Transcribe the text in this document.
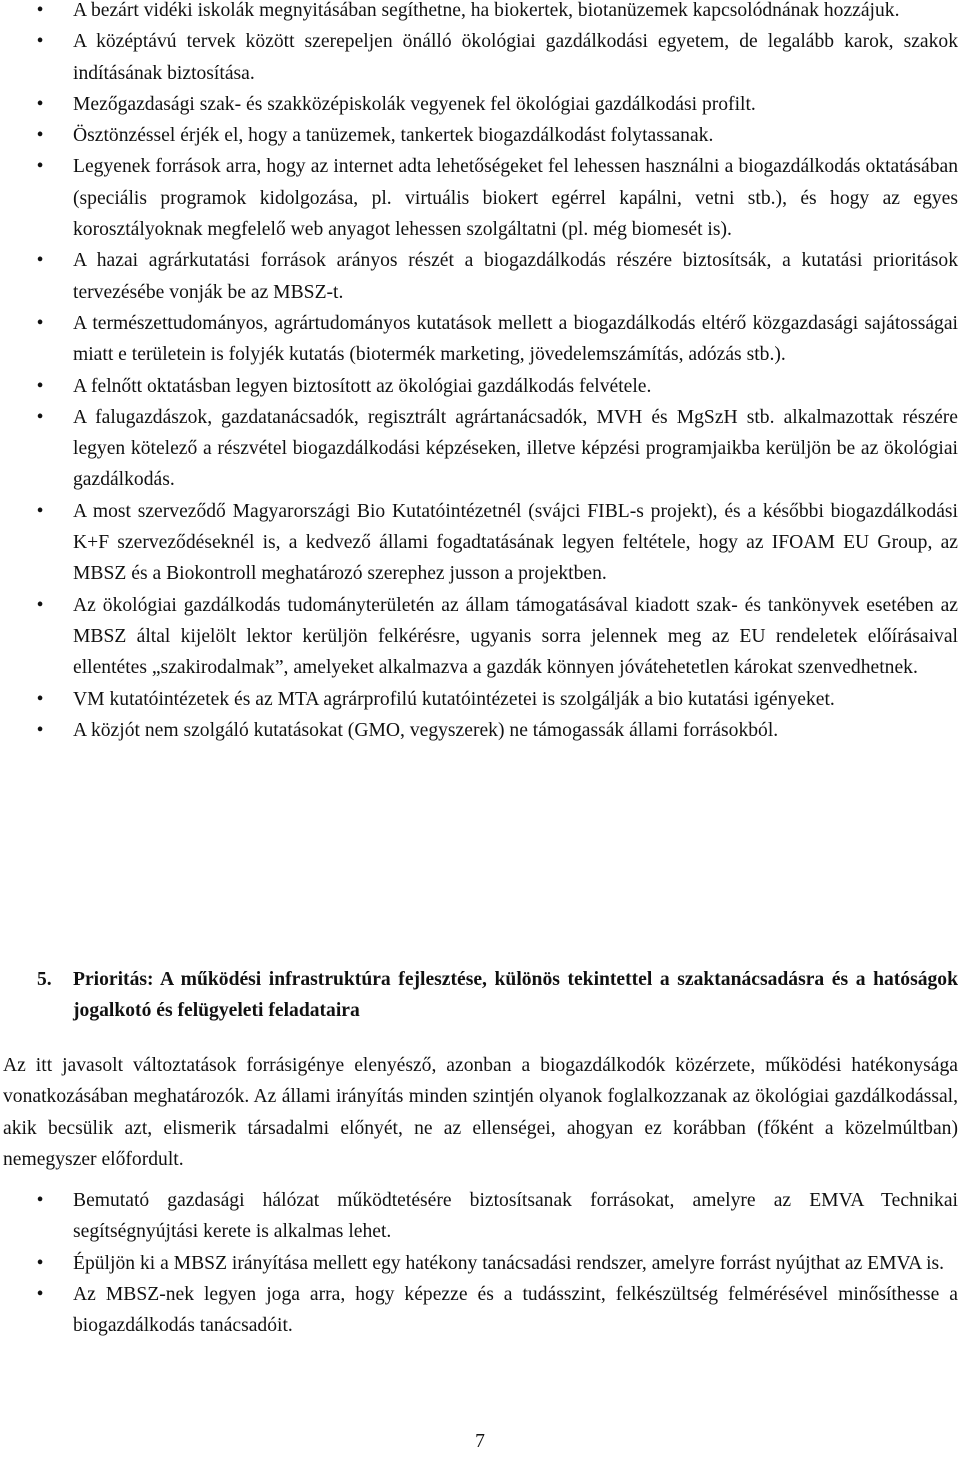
• A bezárt vidéki iskolák megnyitásában segíthetne, ha biokertek, biotanüzemek kapcsolódnának hozzájuk.
• A középtávú tervek között szerepeljen önálló ökológiai gazdálkodási egyetem, de legalább karok, szakok indításának biztosítása.
• Mezőgazdasági szak- és szakközépiskolák vegyenek fel ökológiai gazdálkodási profilt.
• Ösztönzéssel érjék el, hogy a tanüzemek, tankertek biogazdálkodást folytassanak.
• Legyenek források arra, hogy az internet adta lehetőségeket fel lehessen használni a biogazdálkodás oktatásában (speciális programok kidolgozása, pl. virtuális biokert egérrel kapálni, vetni stb.), és hogy az egyes korosztályoknak megfelelő web anyagot lehessen szolgáltatni (pl. még biomesét is).
• A hazai agrárkutatási források arányos részét a biogazdálkodás részére biztosítsák, a kutatási prioritások tervezésébe vonják be az MBSZ-t.
• A természettudományos, agrártudományos kutatások mellett a biogazdálkodás eltérő közgazdasági sajátosságai miatt e területein is folyjék kutatás (biotermék marketing, jövedelemszámítás, adózás stb.).
• A felnőtt oktatásban legyen biztosított az ökológiai gazdálkodás felvétele.
• A falugazdászok, gazdatanácsadók, regisztrált agrártanácsadók, MVH és MgSzH stb. alkalmazottak részére legyen kötelező a részvétel biogazdálkodási képzéseken, illetve képzési programjaikba kerüljön be az ökológiai gazdálkodás.
• A most szerveződő Magyarországi Bio Kutatóintézetnél (svájci FIBL-s projekt), és a későbbi biogazdálkodási K+F szerveződéseknél is, a kedvező állami fogadtatásának legyen feltétele, hogy az IFOAM EU Group, az MBSZ és a Biokontroll meghatározó szerephez jusson a projektben.
• Az ökológiai gazdálkodás tudományterületén az állam támogatásával kiadott szak- és tankönyvek esetében az MBSZ által kijelölt lektor kerüljön felkérésre, ugyanis sorra jelennek meg az EU rendeletek előírásaival ellentétes „szakirodalmak”, amelyeket alkalmazva a gazdák könnyen jóvátehetetlen károkat szenvedhetnek.
• VM kutatóintézetek és az MTA agrárprofilú kutatóintézetei is szolgálják a bio kutatási igényeket.
• A közjót nem szolgáló kutatásokat (GMO, vegyszerek) ne támogassák állami forrásokból.
5.	Prioritás: A működési infrastruktúra fejlesztése, különös tekintettel a szaktanácsadásra és a hatóságok jogalkotó és felügyeleti feladataira

Az itt javasolt változtatások forrásigénye elenyésző, azonban a biogazdálkodók közérzete, működési hatékonysága vonatkozásában meghatározók. Az állami irányítás minden szintjén olyanok foglalkozzanak az ökológiai gazdálkodással, akik becsülik azt, elismerik társadalmi előnyét, ne az ellenségei, ahogyan ez korábban (főként a közelmúltban) nemegyszer előfordult.

• Bemutató gazdasági hálózat működtetésére biztosítsanak forrásokat, amelyre az EMVA Technikai segítségnyújtási kerete is alkalmas lehet.
• Épüljön ki a MBSZ irányítása mellett egy hatékony tanácsadási rendszer, amelyre forrást nyújthat az EMVA is.
• Az MBSZ-nek legyen joga arra, hogy képezze és a tudásszint, felkészültség felmérésével minősíthesse a biogazdálkodás tanácsadóit.
7
